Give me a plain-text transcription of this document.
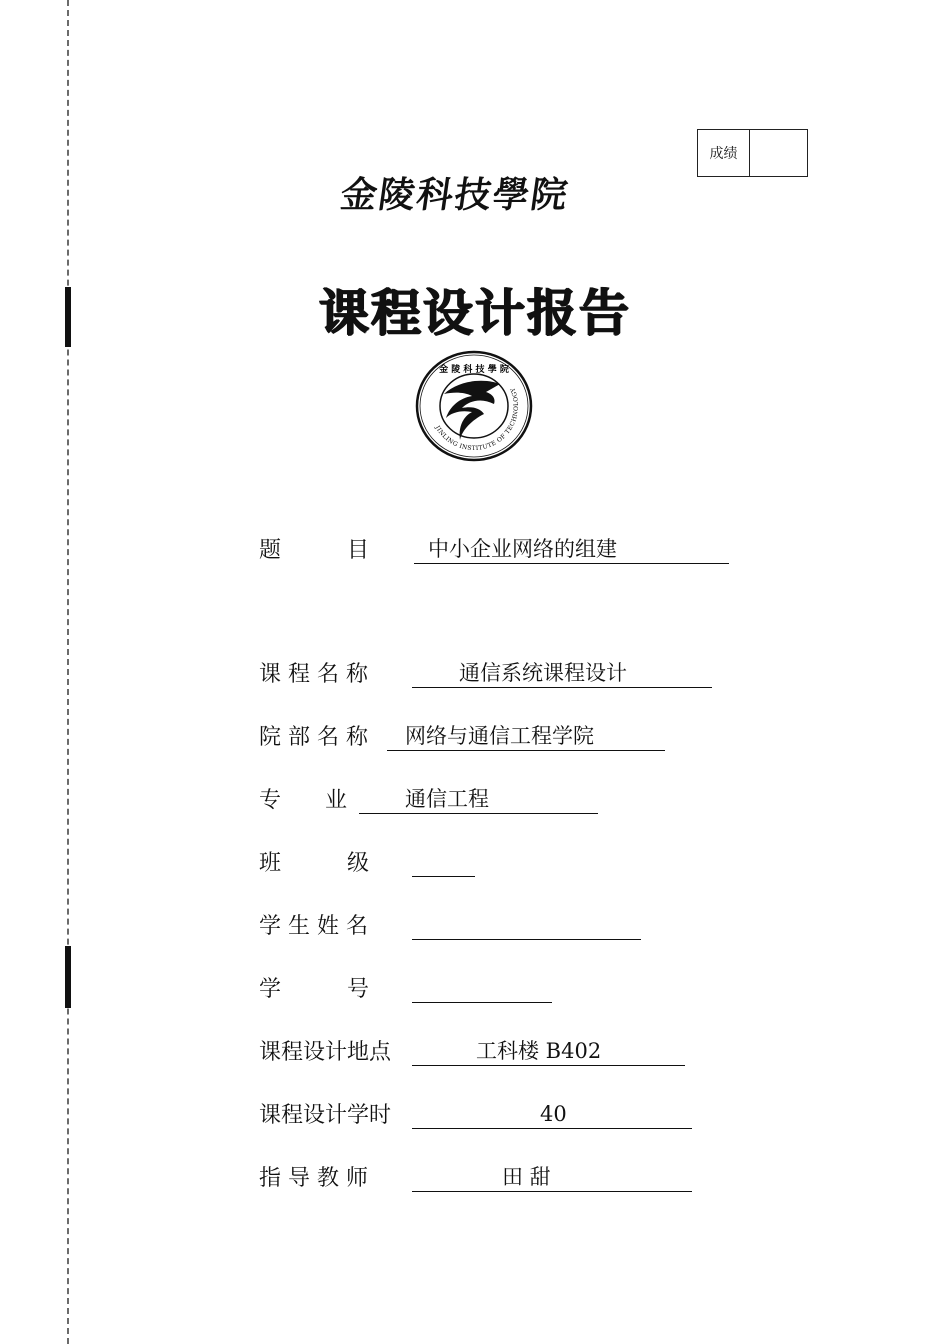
成绩
金陵科技學院
课程设计报告
金 陵 科 技 學 院
JINLING INSTITUTE OF TECHNOLOGY
题　　　目	中小企业网络的组建
课 程 名 称	通信系统课程设计
院 部 名 称	网络与通信工程学院
专　　业	通信工程
班　　　级
学 生 姓 名
学　　　号
课程设计地点	工科楼 B402
课程设计学时	40
指 导 教 师	田 甜
